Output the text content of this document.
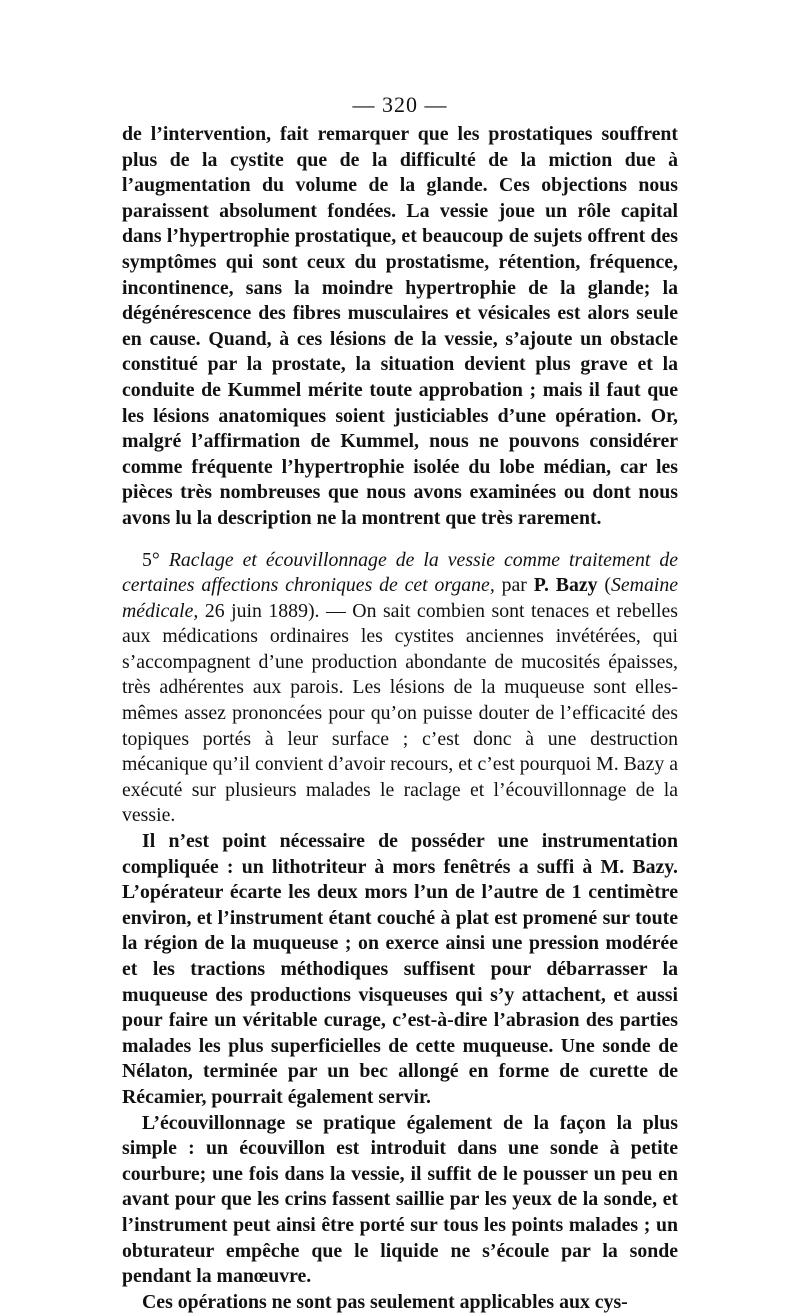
— 320 —

de l’intervention, fait remarquer que les prostatiques souffrent plus de la cystite que de la difficulté de la miction due à l’augmentation du volume de la glande. Ces objections nous paraissent absolument fondées. La vessie joue un rôle capital dans l’hypertrophie prostatique, et beaucoup de sujets offrent des symptômes qui sont ceux du prostatisme, rétention, fréquence, incontinence, sans la moindre hypertrophie de la glande; la dégénérescence des fibres musculaires et vésicales est alors seule en cause. Quand, à ces lésions de la vessie, s’ajoute un obstacle constitué par la prostate, la situation devient plus grave et la conduite de Kummel mérite toute approbation ; mais il faut que les lésions anatomiques soient justiciables d’une opération. Or, malgré l’affirmation de Kummel, nous ne pouvons considérer comme fréquente l’hypertrophie isolée du lobe médian, car les pièces très nombreuses que nous avons examinées ou dont nous avons lu la description ne la montrent que très rarement.

5° Raclage et écouvillonnage de la vessie comme traitement de certaines affections chroniques de cet organe, par P. Bazy (Semaine médicale, 26 juin 1889). — On sait combien sont tenaces et rebelles aux médications ordinaires les cystites anciennes invétérées, qui s’accompagnent d’une production abondante de mucosités épaisses, très adhérentes aux parois. Les lésions de la muqueuse sont elles-mêmes assez prononcées pour qu’on puisse douter de l’efficacité des topiques portés à leur surface ; c’est donc à une destruction mécanique qu’il convient d’avoir recours, et c’est pourquoi M. Bazy a exécuté sur plusieurs malades le raclage et l’écouvillonnage de la vessie.

Il n’est point nécessaire de posséder une instrumentation compliquée : un lithotriteur à mors fenêtrés a suffi à M. Bazy. L’opérateur écarte les deux mors l’un de l’autre de 1 centimètre environ, et l’instrument étant couché à plat est promené sur toute la région de la muqueuse ; on exerce ainsi une pression modérée et les tractions méthodiques suffisent pour débarrasser la muqueuse des productions visqueuses qui s’y attachent, et aussi pour faire un véritable curage, c’est-à-dire l’abrasion des parties malades les plus superficielles de cette muqueuse. Une sonde de Nélaton, terminée par un bec allongé en forme de curette de Récamier, pourrait également servir.

L’écouvillonnage se pratique également de la façon la plus simple : un écouvillon est introduit dans une sonde à petite courbure; une fois dans la vessie, il suffit de le pousser un peu en avant pour que les crins fassent saillie par les yeux de la sonde, et l’instrument peut ainsi être porté sur tous les points malades ; un obturateur empêche que le liquide ne s’écoule par la sonde pendant la manœuvre.

Ces opérations ne sont pas seulement applicables aux cys-
